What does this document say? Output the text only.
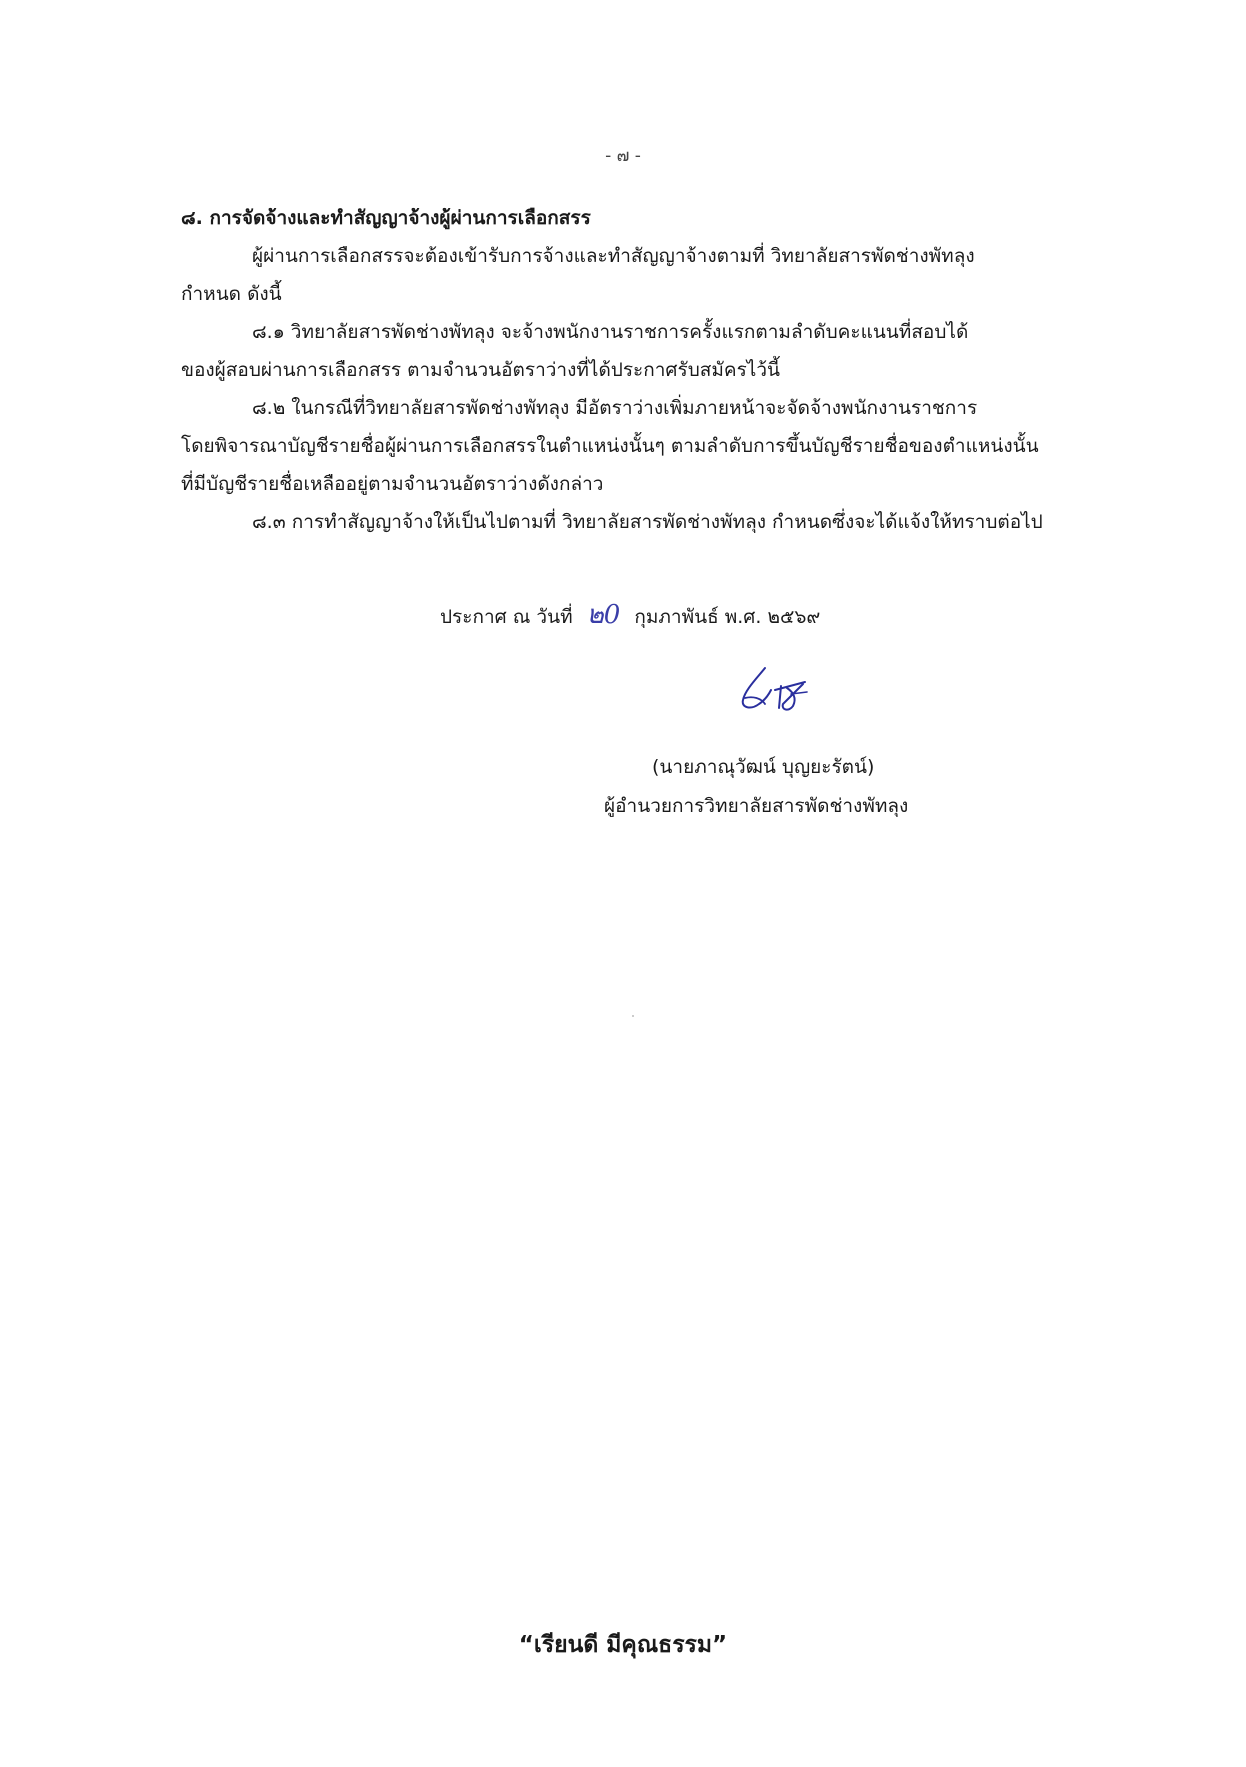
- ๗ -
๘. การจัดจ้างและทำสัญญาจ้างผู้ผ่านการเลือกสรร
ผู้ผ่านการเลือกสรรจะต้องเข้ารับการจ้างและทำสัญญาจ้างตามที่ วิทยาลัยสารพัดช่างพัทลุง
กำหนด ดังนี้
๘.๑ วิทยาลัยสารพัดช่างพัทลุง จะจ้างพนักงานราชการครั้งแรกตามลำดับคะแนนที่สอบได้
ของผู้สอบผ่านการเลือกสรร ตามจำนวนอัตราว่างที่ได้ประกาศรับสมัครไว้นี้
๘.๒ ในกรณีที่วิทยาลัยสารพัดช่างพัทลุง มีอัตราว่างเพิ่มภายหน้าจะจัดจ้างพนักงานราชการ
โดยพิจารณาบัญชีรายชื่อผู้ผ่านการเลือกสรรในตำแหน่งนั้นๆ ตามลำดับการขึ้นบัญชีรายชื่อของตำแหน่งนั้น
ที่มีบัญชีรายชื่อเหลืออยู่ตามจำนวนอัตราว่างดังกล่าว
๘.๓ การทำสัญญาจ้างให้เป็นไปตามที่ วิทยาลัยสารพัดช่างพัทลุง กำหนดซึ่งจะได้แจ้งให้ทราบต่อไป
ประกาศ ณ วันที่ ๒0 กุมภาพันธ์ พ.ศ. ๒๕๖๙
(นายภาณุวัฒน์ บุญยะรัตน์)
ผู้อำนวยการวิทยาลัยสารพัดช่างพัทลุง
“เรียนดี มีคุณธรรม”
